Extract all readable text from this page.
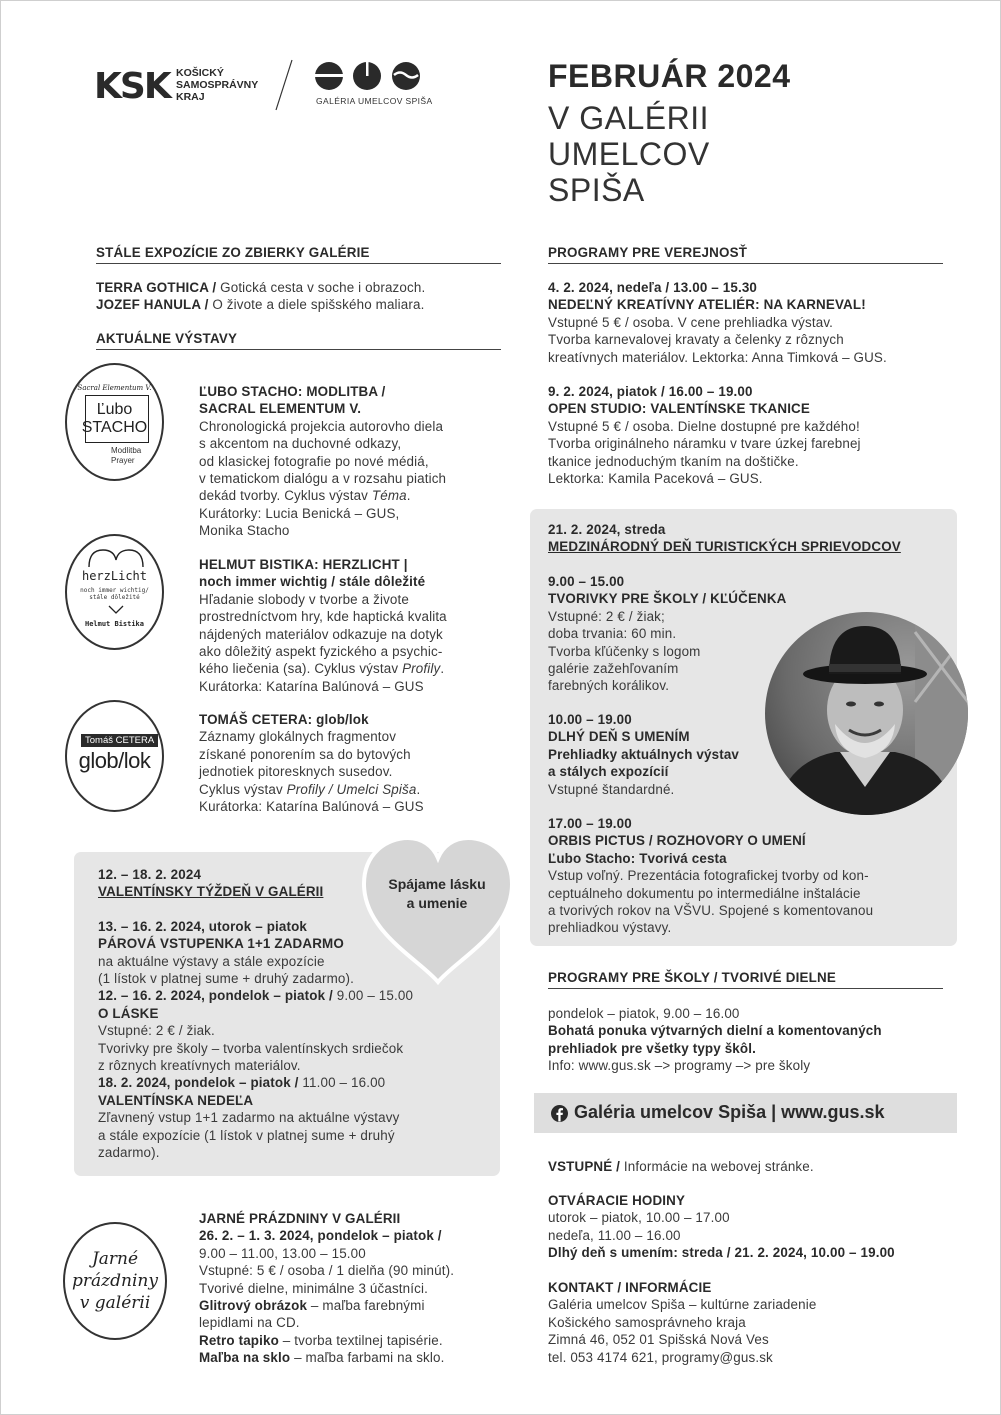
KSK KOŠICKÝ
SAMOSPRÁVNY
KRAJ	GALÉRIA UMELCOV SPIŠA
FEBRUÁR 2024
V GALÉRII
UMELCOV
SPIŠA
STÁLE EXPOZÍCIE ZO ZBIERKY GALÉRIE
TERRA GOTHICA / Gotická cesta v soche i obrazoch.
JOZEF HANULA / O živote a diele spišského maliara.
AKTUÁLNE VÝSTAVY
Sacral Elementum V.
Ľubo
STACHO
Modlitba
Prayer
ĽUBO STACHO: MODLITBA /
SACRAL ELEMENTUM V.
Chronologická projekcia autorovho diela
s akcentom na duchovné odkazy,
od klasickej fotografie po nové médiá,
v tematickom dialógu a v rozsahu piatich
dekád tvorby. Cyklus výstav Téma.
Kurátorky: Lucia Benická – GUS,
Monika Stacho
herzLicht
noch immer wichtig/
stále dôležité
Helmut Bistika
HELMUT BISTIKA: HERZLICHT |
noch immer wichtig / stále dôležité
Hľadanie slobody v tvorbe a živote
prostredníctvom hry, kde haptická kvalita
nájdených materiálov odkazuje na dotyk
ako dôležitý aspekt fyzického a psychic-
kého liečenia (sa). Cyklus výstav Profily.
Kurátorka: Katarína Balúnová – GUS
Tomáš CETERA
glob/lok
TOMÁŠ CETERA: glob/lok
Záznamy glokálnych fragmentov
získané ponorením sa do bytových
jednotiek pitoresknych susedov.
Cyklus výstav Profily / Umelci Spiša.
Kurátorka: Katarína Balúnová – GUS
Spájame lásku
a umenie
12. – 18. 2. 2024
VALENTÍNSKY TÝŽDEŇ V GALÉRII
13. – 16. 2. 2024, utorok – piatok
PÁROVÁ VSTUPENKA 1+1 ZADARMO
na aktuálne výstavy a stále expozície
(1 lístok v platnej sume + druhý zadarmo).
12. – 16. 2. 2024, pondelok – piatok / 9.00 – 15.00
O LÁSKE
Vstupné: 2 € / žiak.
Tvorivky pre školy – tvorba valentínskych srdiečok
z rôznych kreatívnych materiálov.
18. 2. 2024, pondelok – piatok / 11.00 – 16.00
VALENTÍNSKA NEDEĽA
Zľavnený vstup 1+1 zadarmo na aktuálne výstavy
a stále expozície (1 lístok v platnej sume + druhý
zadarmo).
Jarné
prázdniny
v galérii
JARNÉ PRÁZDNINY V GALÉRII
26. 2. – 1. 3. 2024, pondelok – piatok /
9.00 – 11.00, 13.00 – 15.00
Vstupné: 5 € / osoba / 1 dielňa (90 minút).
Tvorivé dielne, minimálne 3 účastníci.
Glitrový obrázok – maľba farebnými
lepidlami na CD.
Retro tapiko – tvorba textilnej tapisérie.
Maľba na sklo – maľba farbami na sklo.
PROGRAMY PRE VEREJNOSŤ
4. 2. 2024, nedeľa / 13.00 – 15.30
NEDEĽNÝ KREATÍVNY ATELIÉR: NA KARNEVAL!
Vstupné 5 € / osoba. V cene prehliadka výstav.
Tvorba karnevalovej kravaty a čelenky z rôznych
kreatívnych materiálov. Lektorka: Anna Timková – GUS.
9. 2. 2024, piatok / 16.00 – 19.00
OPEN STUDIO: VALENTÍNSKE TKANICE
Vstupné 5 € / osoba. Dielne dostupné pre každého!
Tvorba originálneho náramku v tvare úzkej farebnej
tkanice jednoduchým tkaním na doštičke.
Lektorka: Kamila Paceková – GUS.
21. 2. 2024, streda
MEDZINÁRODNÝ DEŇ TURISTICKÝCH SPRIEVODCOV
9.00 – 15.00
TVORIVKY PRE ŠKOLY / KĽÚČENKA
Vstupné: 2 € / žiak;
doba trvania: 60 min.
Tvorba kľúčenky s logom
galérie zažehľovaním
farebných korálikov.
10.00 – 19.00
DLHÝ DEŇ S UMENÍM
Prehliadky aktuálnych výstav
a stálych expozícií
Vstupné štandardné.
17.00 – 19.00
ORBIS PICTUS / ROZHOVORY O UMENÍ
Ľubo Stacho: Tvorivá cesta
Vstup voľný. Prezentácia fotografickej tvorby od kon-
ceptuálneho dokumentu po intermediálne inštalácie
a tvorivých rokov na VŠVU. Spojené s komentovanou
prehliadkou výstavy.
PROGRAMY PRE ŠKOLY / TVORIVÉ DIELNE
pondelok – piatok, 9.00 – 16.00
Bohatá ponuka výtvarných dielní a komentovaných
prehliadok pre všetky typy škôl.
Info: www.gus.sk –> programy –> pre školy
Galéria umelcov Spiša | www.gus.sk
VSTUPNÉ / Informácie na webovej stránke.
OTVÁRACIE HODINY
utorok – piatok, 10.00 – 17.00
nedeľa, 11.00 – 16.00
Dlhý deň s umením: streda / 21. 2. 2024, 10.00 – 19.00
KONTAKT / INFORMÁCIE
Galéria umelcov Spiša – kultúrne zariadenie
Košického samosprávneho kraja
Zimná 46, 052 01 Spišská Nová Ves
tel. 053 4174 621, programy@gus.sk
